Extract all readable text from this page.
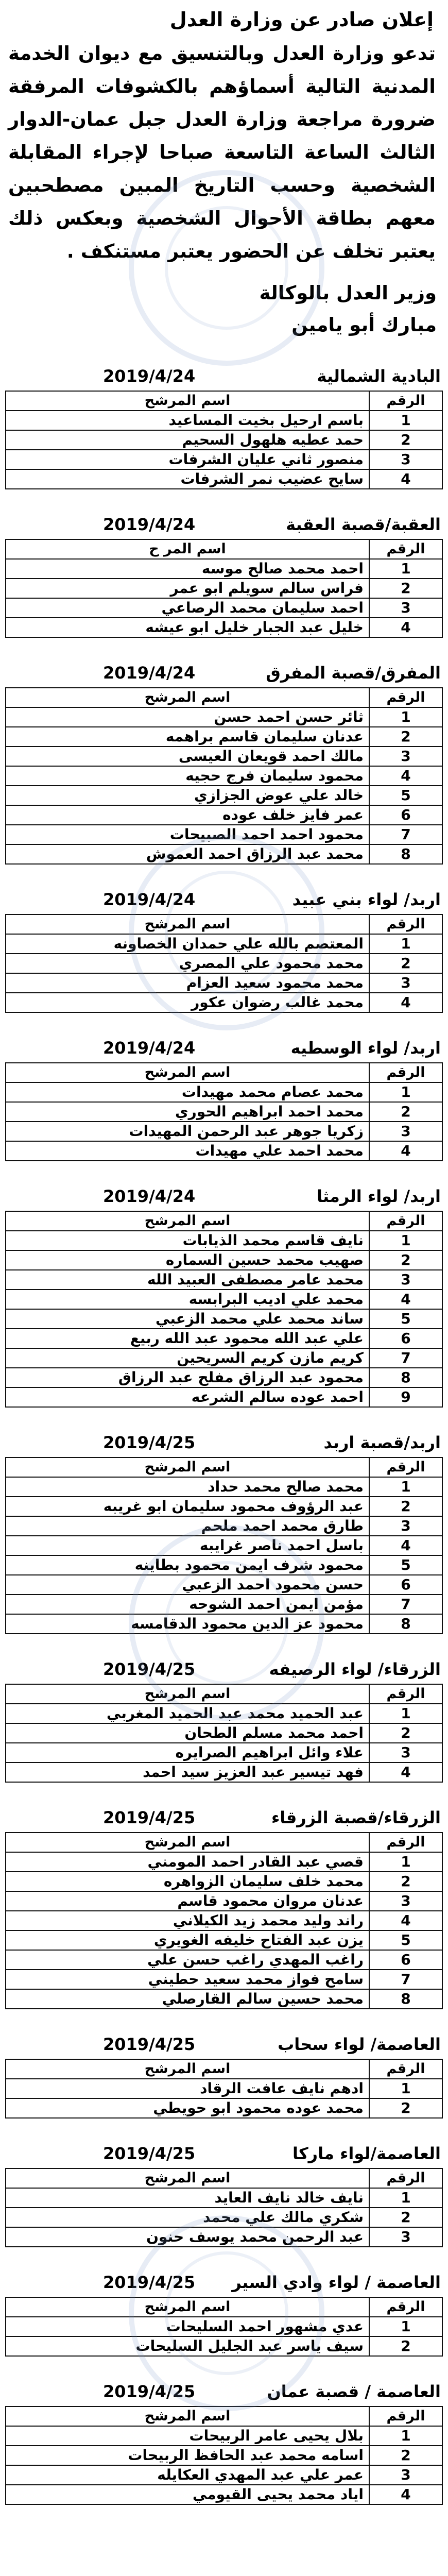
إعلان صادر عن وزارة العدل
تدعو وزارة العدل وبالتنسيق مع ديوان الخدمة المدنية التالية أسماؤهم بالكشوفات المرفقة ضرورة مراجعة وزارة العدل جبل عمان-الدوار الثالث الساعة التاسعة صباحا لإجراء المقابلة الشخصية وحسب التاريخ المبين مصطحبين معهم بطاقة الأحوال الشخصية وبعكس ذلك يعتبر تخلف عن الحضور يعتبر مستنكف .
وزير العدل بالوكالة
مبارك أبو يامين
البادية الشمالية
2019/4/24
الرقم	اسم المرشح
1	باسم ارحيل بخيت المساعيد
2	حمد عطيه هلهول السحيم
3	منصور ثاني عليان الشرفات
4	سايح عضيب نمر الشرفات
العقبة/قصبة العقبة
2019/4/24
الرقم	اسم المر ح
1	احمد محمد صالح موسه
2	فراس سالم سويلم ابو عمر
3	احمد سليمان محمد الرصاعي
4	خليل عبد الجبار خليل ابو عيشه
المفرق/قصبة المفرق
2019/4/24
الرقم	اسم المرشح
1	ثائر حسن احمد حسن
2	عدنان سليمان قاسم براهمه
3	مالك احمد قويعان العيسى
4	محمود سليمان فرج حجيه
5	خالد علي عوض الجزازي
6	عمر فايز خلف عوده
7	محمود احمد احمد الصبيحات
8	محمد عبد الرزاق احمد العموش
اربد/ لواء بني عبيد
2019/4/24
الرقم	اسم المرشح
1	المعتصم بالله علي حمدان الخصاونه
2	محمد محمود علي المصري
3	محمد محمود سعيد العزام
4	محمد غالب رضوان عكور
اربد/ لواء الوسطيه
2019/4/24
الرقم	اسم المرشح
1	محمد عصام محمد مهيدات
2	محمد احمد ابراهيم الحوري
3	زكريا جوهر عبد الرحمن المهيدات
4	محمد احمد علي مهيدات
اربد/ لواء الرمثا
2019/4/24
الرقم	اسم المرشح
1	نايف قاسم محمد الذيابات
2	صهيب محمد حسين السماره
3	محمد عامر مصطفى العبيد الله
4	محمد علي اديب البرابسه
5	ساند محمد علي محمد الزعبي
6	علي عبد الله محمود عبد الله ربيع
7	كريم مازن كريم السريحين
8	محمود عبد الرزاق مفلح عبد الرزاق
9	احمد عوده سالم الشرعه
اربد/قصبة اربد
2019/4/25
الرقم	اسم المرشح
1	محمد صالح محمد حداد
2	عبد الرؤوف محمود سليمان ابو غريبه
3	طارق محمد احمد ملحم
4	باسل احمد ناصر غرايبه
5	محمود شرف ايمن محمود بطاينه
6	حسن محمود احمد الزعبي
7	مؤمن ايمن احمد الشوحه
8	محمود عز الدين محمود الدقامسه
الزرقاء/ لواء الرصيفه
2019/4/25
الرقم	اسم المرشح
1	عبد الحميد محمد عبد الحميد المغربي
2	احمد محمد مسلم الطحان
3	علاء وائل ابراهيم الصرايره
4	فهد تيسير عبد العزيز سيد احمد
الزرقاء/قصبة الزرقاء
2019/4/25
الرقم	اسم المرشح
1	قصي عبد القادر احمد المومني
2	محمد خلف سليمان الزواهره
3	عدنان مروان محمود قاسم
4	راند وليد محمد زيد الكيلاني
5	يزن عبد الفتاح خليفه الغويري
6	راغب المهدي راغب حسن علي
7	سامح فواز محمد سعيد حطيني
8	محمد حسين سالم القارصلي
العاصمة/ لواء سحاب
2019/4/25
الرقم	اسم المرشح
1	ادهم نايف عافت الرقاد
2	محمد عوده محمود ابو حويطي
العاصمة/لواء ماركا
2019/4/25
الرقم	اسم المرشح
1	نايف خالد نايف العايد
2	شكري مالك علي محمد
3	عبد الرحمن محمد يوسف حنون
العاصمة / لواء وادي السير
2019/4/25
الرقم	اسم المرشح
1	عدي مشهور احمد السليحات
2	سيف ياسر عبد الجليل السليحات
العاصمة / قصبة عمان
2019/4/25
الرقم	اسم المرشح
1	بلال يحيى عامر الربيحات
2	اسامه محمد عبد الحافظ الربيحات
3	عمر علي عبد المهدي العكايله
4	اياد محمد يحيى القيومي
